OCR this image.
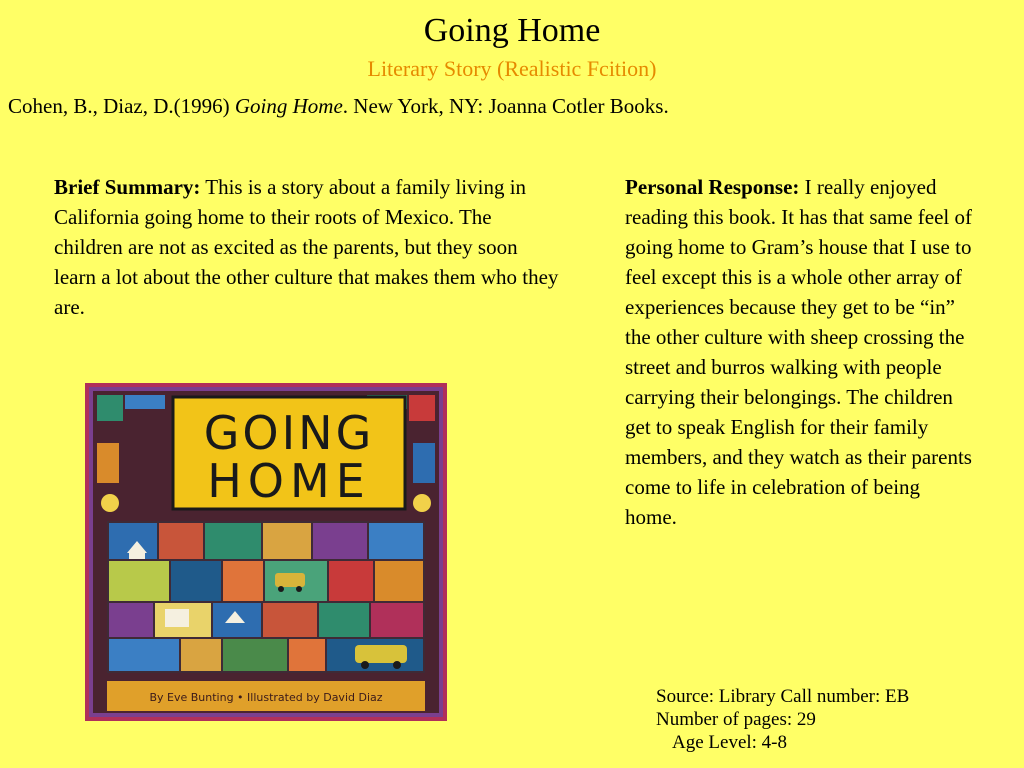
Going Home
Literary Story (Realistic Fcition)
Cohen, B., Diaz, D.(1996) Going Home. New York, NY: Joanna Cotler Books.
Brief Summary: This is a story about a family living in California going home to their roots of Mexico. The children are not as excited as the parents, but they soon learn a lot about the other culture that makes them who they are.
Personal Response: I really enjoyed reading this book. It has that same feel of going home to Gram’s house that I use to feel except this is a whole other array of experiences because they get to be “in” the other culture with sheep crossing the street and burros walking with people carrying their belongings. The children get to speak English for their family members, and they watch as their parents come to life in celebration of being home.
Source: Library Call number: EB
Number of pages: 29
Age Level: 4-8
GOING
HOME
By Eve Bunting • Illustrated by David Diaz
